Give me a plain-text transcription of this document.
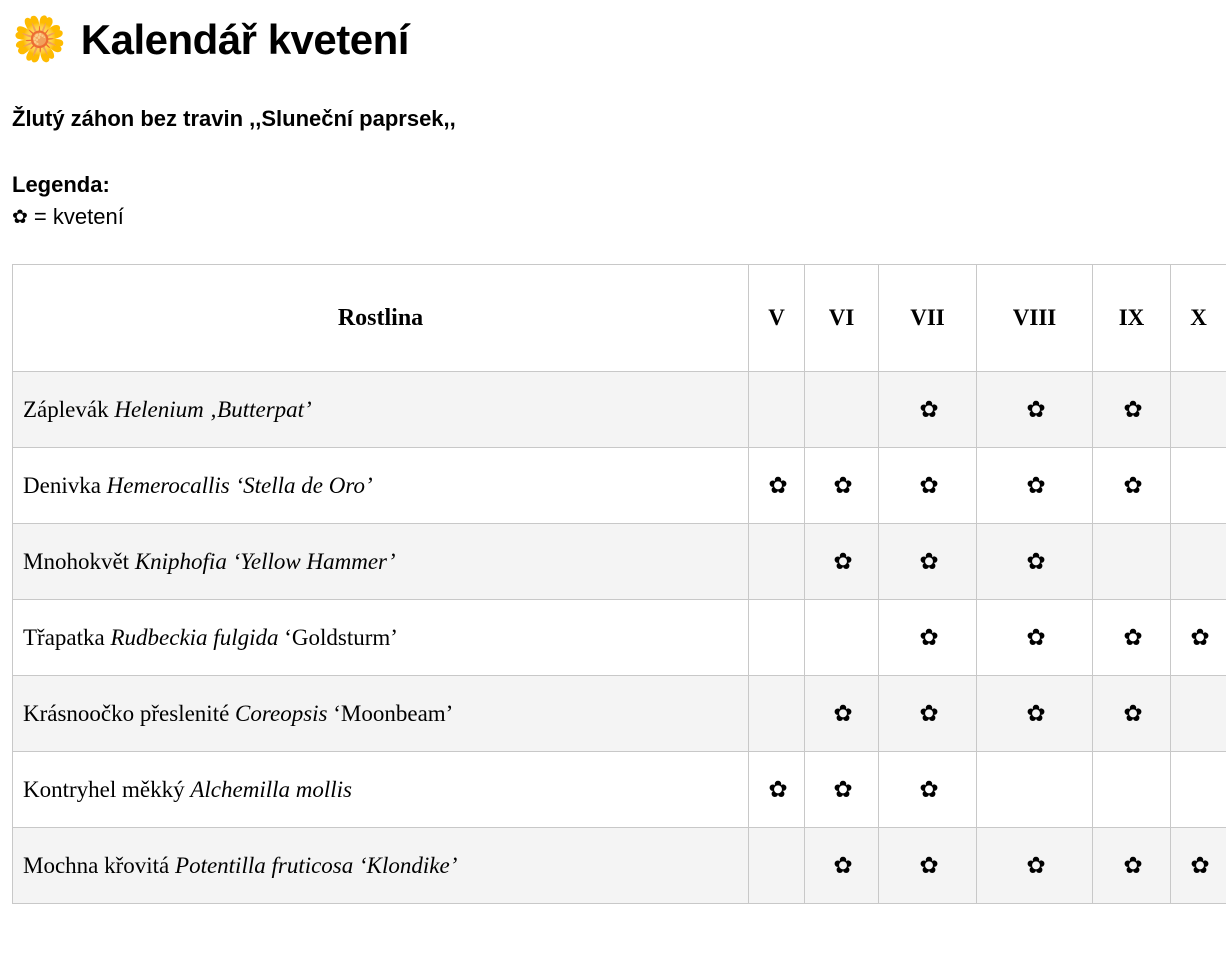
🌼 Kalendář kvetení
Žlutý záhon bez travin ,,Sluneční paprsek,,
Legenda:
✿ = kvetení
Rostlina	V	VI	VII	VIII	IX	X
Záplevák Helenium ‚Butterpat’			✿	✿	✿	
Denivka Hemerocallis ‘Stella de Oro’	✿	✿	✿	✿	✿	
Mnohokvět Kniphofia ‘Yellow Hammer’		✿	✿	✿		
Třapatka Rudbeckia fulgida ‘Goldsturm’			✿	✿	✿	✿
Krásnoočko přeslenité Coreopsis ‘Moonbeam’		✿	✿	✿	✿	
Kontryhel měkký Alchemilla mollis	✿	✿	✿			
Mochna křovitá Potentilla fruticosa ‘Klondike’		✿	✿	✿	✿	✿
